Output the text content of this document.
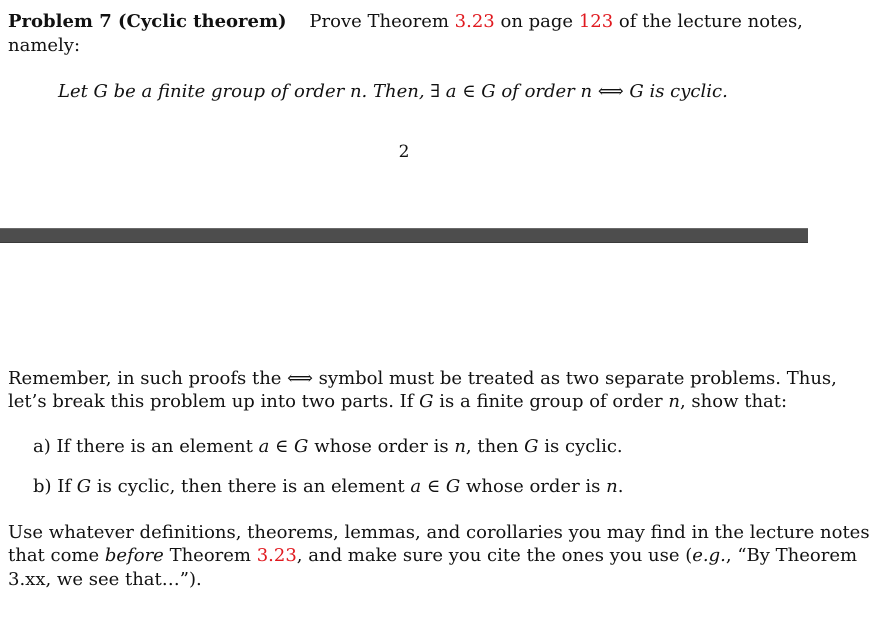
Problem 7 (Cyclic theorem) Prove Theorem 3.23 on page 123 of the lecture notes,
namely:
Let G be a finite group of order n. Then, ∃ a ∈ G of order n ⟺ G is cyclic.
2
Remember, in such proofs the ⟺ symbol must be treated as two separate problems. Thus,
let’s break this problem up into two parts. If G is a finite group of order n, show that:
a) If there is an element a ∈ G whose order is n, then G is cyclic.
b) If G is cyclic, then there is an element a ∈ G whose order is n.
Use whatever definitions, theorems, lemmas, and corollaries you may find in the lecture notes
that come before Theorem 3.23, and make sure you cite the ones you use (e.g., “By Theorem
3.xx, we see that…”).
